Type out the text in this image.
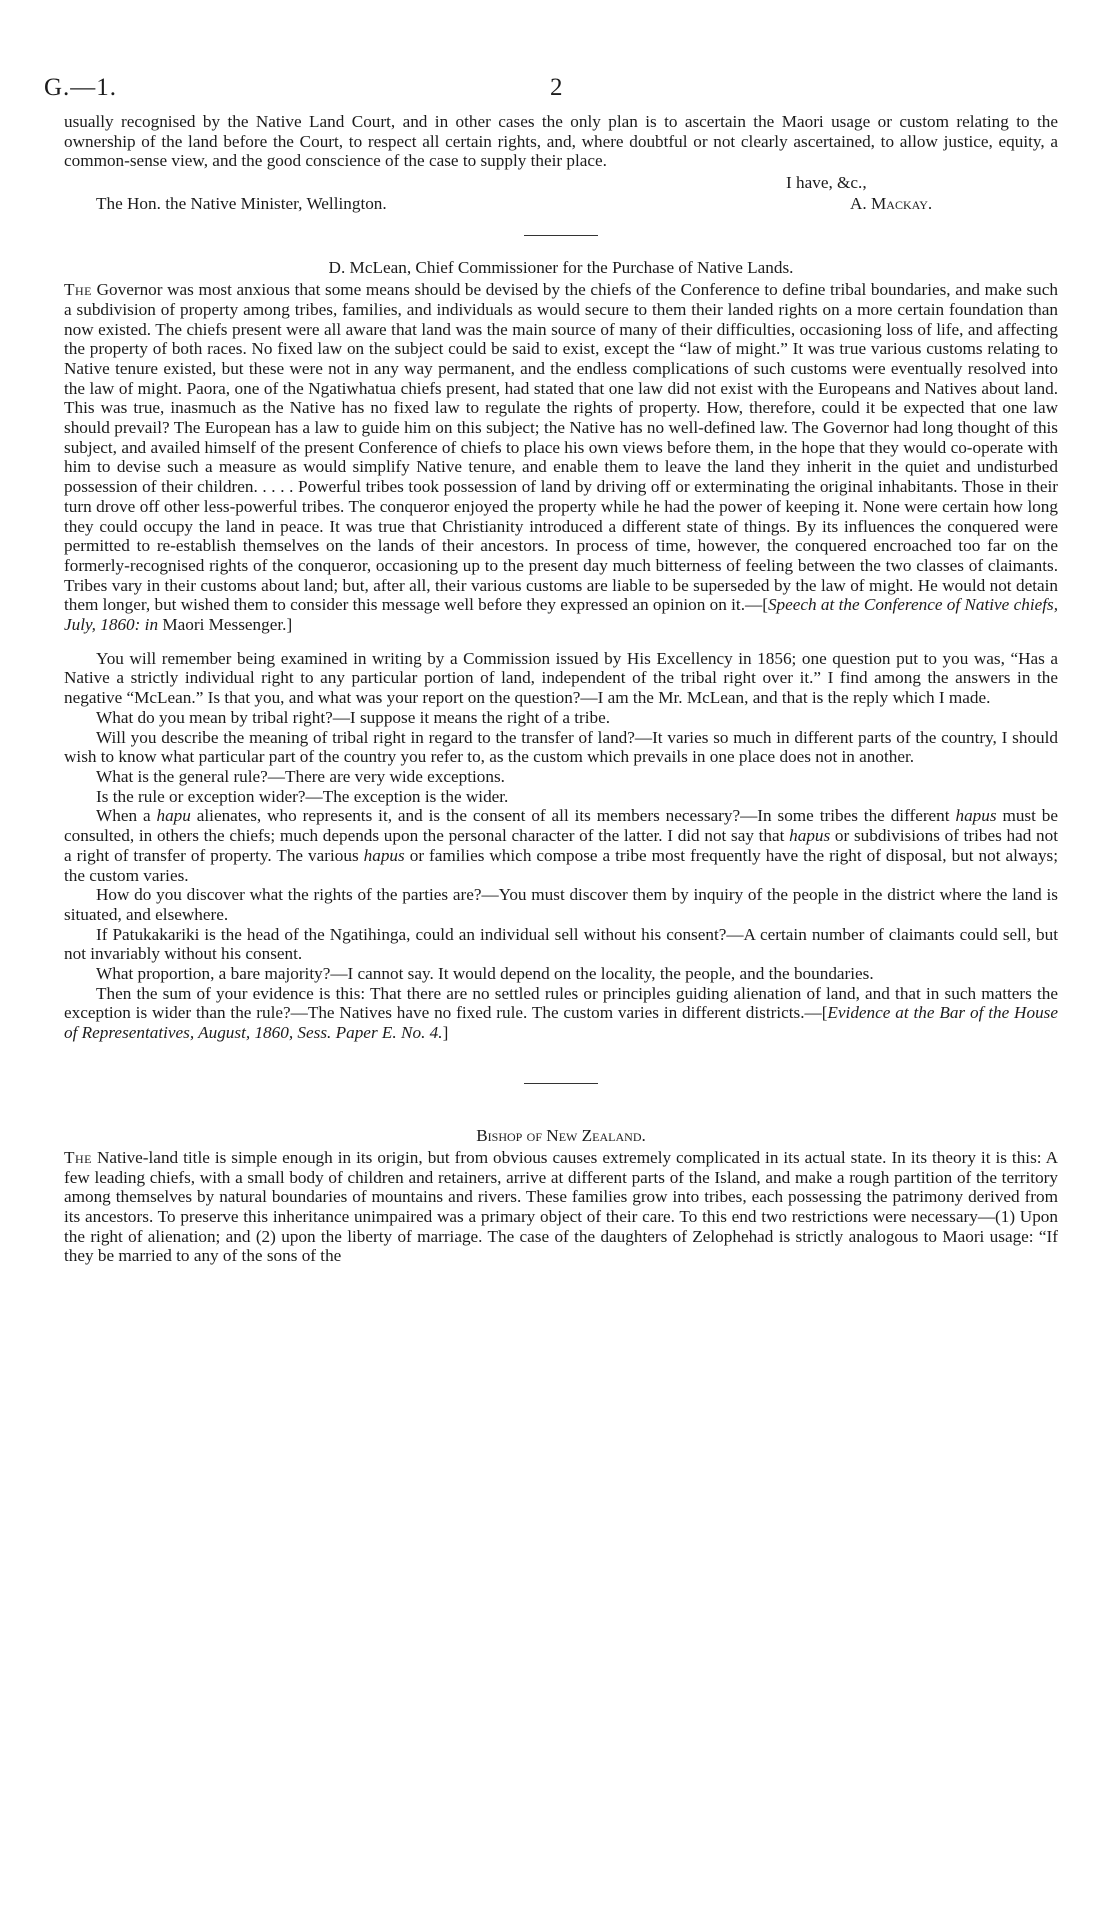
G.—1.	2

usually recognised by the Native Land Court, and in other cases the only plan is to ascertain the Maori usage or custom relating to the ownership of the land before the Court, to respect all certain rights, and, where doubtful or not clearly ascertained, to allow justice, equity, a common-sense view, and the good conscience of the case to supply their place.

I have, &c.,
The Hon. the Native Minister, Wellington.	A. Mackay.
D. McLean, Chief Commissioner for the Purchase of Native Lands.

The Governor was most anxious that some means should be devised by the chiefs of the Conference to define tribal boundaries, and make such a subdivision of property among tribes, families, and individuals as would secure to them their landed rights on a more certain foundation than now existed. The chiefs present were all aware that land was the main source of many of their difficulties, occasioning loss of life, and affecting the property of both races. No fixed law on the subject could be said to exist, except the “law of might.” It was true various customs relating to Native tenure existed, but these were not in any way permanent, and the endless complications of such customs were eventually resolved into the law of might. Paora, one of the Ngatiwhatua chiefs present, had stated that one law did not exist with the Europeans and Natives about land. This was true, inasmuch as the Native has no fixed law to regulate the rights of property. How, therefore, could it be expected that one law should prevail? The European has a law to guide him on this subject; the Native has no well-defined law. The Governor had long thought of this subject, and availed himself of the present Conference of chiefs to place his own views before them, in the hope that they would co-operate with him to devise such a measure as would simplify Native tenure, and enable them to leave the land they inherit in the quiet and undisturbed possession of their children. . . . . Powerful tribes took possession of land by driving off or exterminating the original inhabitants. Those in their turn drove off other less-powerful tribes. The conqueror enjoyed the property while he had the power of keeping it. None were certain how long they could occupy the land in peace. It was true that Christianity introduced a different state of things. By its influences the conquered were permitted to re-establish themselves on the lands of their ancestors. In process of time, however, the conquered encroached too far on the formerly-recognised rights of the conqueror, occasioning up to the present day much bitterness of feeling between the two classes of claimants. Tribes vary in their customs about land; but, after all, their various customs are liable to be superseded by the law of might. He would not detain them longer, but wished them to consider this message well before they expressed an opinion on it.—[Speech at the Conference of Native chiefs, July, 1860: in Maori Messenger.]

You will remember being examined in writing by a Commission issued by His Excellency in 1856; one question put to you was, “Has a Native a strictly individual right to any particular portion of land, independent of the tribal right over it.” I find among the answers in the negative “McLean.” Is that you, and what was your report on the question?—I am the Mr. McLean, and that is the reply which I made.

What do you mean by tribal right?—I suppose it means the right of a tribe.

Will you describe the meaning of tribal right in regard to the transfer of land?—It varies so much in different parts of the country, I should wish to know what particular part of the country you refer to, as the custom which prevails in one place does not in another.

What is the general rule?—There are very wide exceptions.

Is the rule or exception wider?—The exception is the wider.

When a hapu alienates, who represents it, and is the consent of all its members necessary?—In some tribes the different hapus must be consulted, in others the chiefs; much depends upon the personal character of the latter. I did not say that hapus or subdivisions of tribes had not a right of transfer of property. The various hapus or families which compose a tribe most frequently have the right of disposal, but not always; the custom varies.

How do you discover what the rights of the parties are?—You must discover them by inquiry of the people in the district where the land is situated, and elsewhere.

If Patukakariki is the head of the Ngatihinga, could an individual sell without his consent?—A certain number of claimants could sell, but not invariably without his consent.

What proportion, a bare majority?—I cannot say. It would depend on the locality, the people, and the boundaries.

Then the sum of your evidence is this: That there are no settled rules or principles guiding alienation of land, and that in such matters the exception is wider than the rule?—The Natives have no fixed rule. The custom varies in different districts.—[Evidence at the Bar of the House of Representatives, August, 1860, Sess. Paper E. No. 4.]

Bishop of New Zealand.

The Native-land title is simple enough in its origin, but from obvious causes extremely complicated in its actual state. In its theory it is this: A few leading chiefs, with a small body of children and retainers, arrive at different parts of the Island, and make a rough partition of the territory among themselves by natural boundaries of mountains and rivers. These families grow into tribes, each possessing the patrimony derived from its ancestors. To preserve this inheritance unimpaired was a primary object of their care. To this end two restrictions were necessary—(1) Upon the right of alienation; and (2) upon the liberty of marriage. The case of the daughters of Zelophehad is strictly analogous to Maori usage: “If they be married to any of the sons of the
